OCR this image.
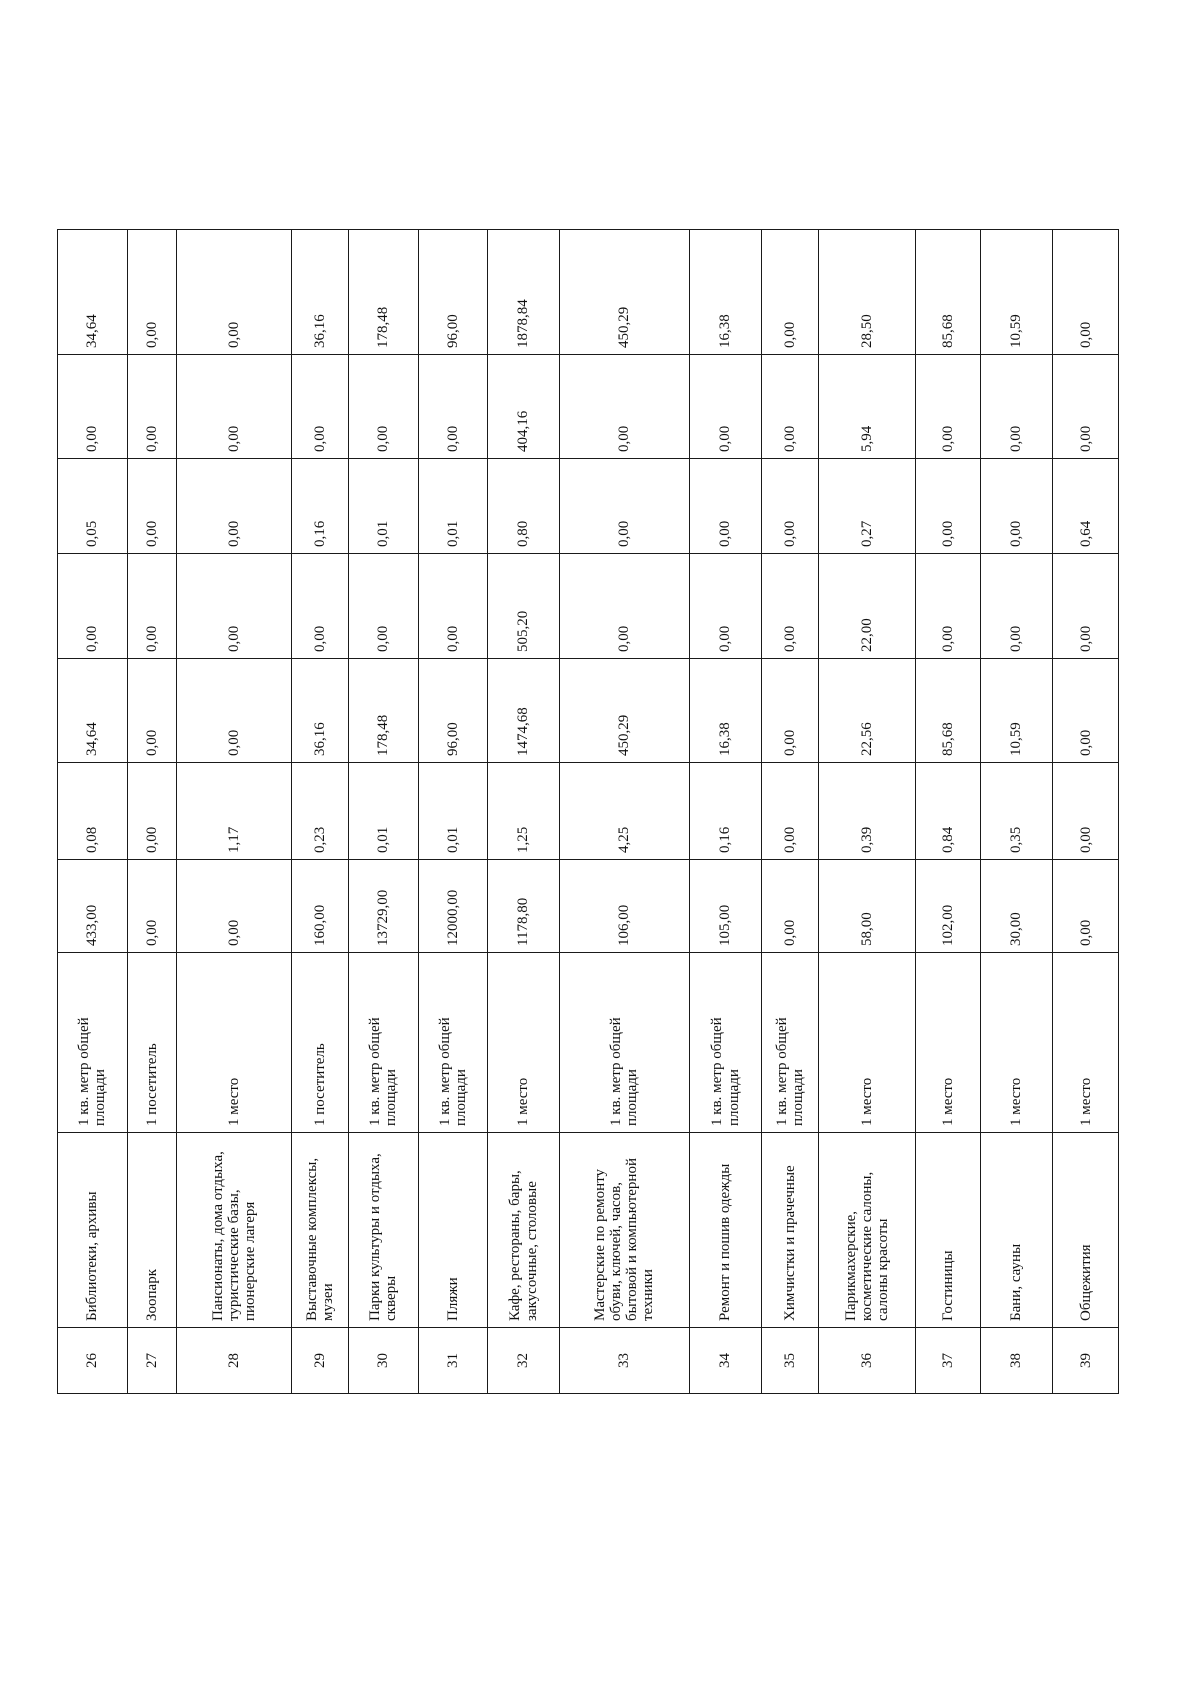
26	Библиотеки, архивы	1 кв. метр общей площади	433,00	0,08	34,64	0,00	0,05	0,00	34,64
27	Зоопарк	1 посетитель	0,00	0,00	0,00	0,00	0,00	0,00	0,00
28	Пансионаты, дома отдыха, туристические базы, пионерские лагеря	1 место	0,00	1,17	0,00	0,00	0,00	0,00	0,00
29	Выставочные комплексы, музеи	1 посетитель	160,00	0,23	36,16	0,00	0,16	0,00	36,16
30	Парки культуры и отдыха, скверы	1 кв. метр общей площади	13729,00	0,01	178,48	0,00	0,01	0,00	178,48
31	Пляжи	1 кв. метр общей площади	12000,00	0,01	96,00	0,00	0,01	0,00	96,00
32	Кафе, рестораны, бары, закусочные, столовые	1 место	1178,80	1,25	1474,68	505,20	0,80	404,16	1878,84
33	Мастерские по ремонту обуви, ключей, часов, бытовой и компьютерной техники	1 кв. метр общей площади	106,00	4,25	450,29	0,00	0,00	0,00	450,29
34	Ремонт и пошив одежды	1 кв. метр общей площади	105,00	0,16	16,38	0,00	0,00	0,00	16,38
35	Химчистки и прачечные	1 кв. метр общей площади	0,00	0,00	0,00	0,00	0,00	0,00	0,00
36	Парикмахерские, косметические салоны, салоны красоты	1 место	58,00	0,39	22,56	22,00	0,27	5,94	28,50
37	Гостиницы	1 место	102,00	0,84	85,68	0,00	0,00	0,00	85,68
38	Бани, сауны	1 место	30,00	0,35	10,59	0,00	0,00	0,00	10,59
39	Общежития	1 место	0,00	0,00	0,00	0,00	0,64	0,00	0,00
